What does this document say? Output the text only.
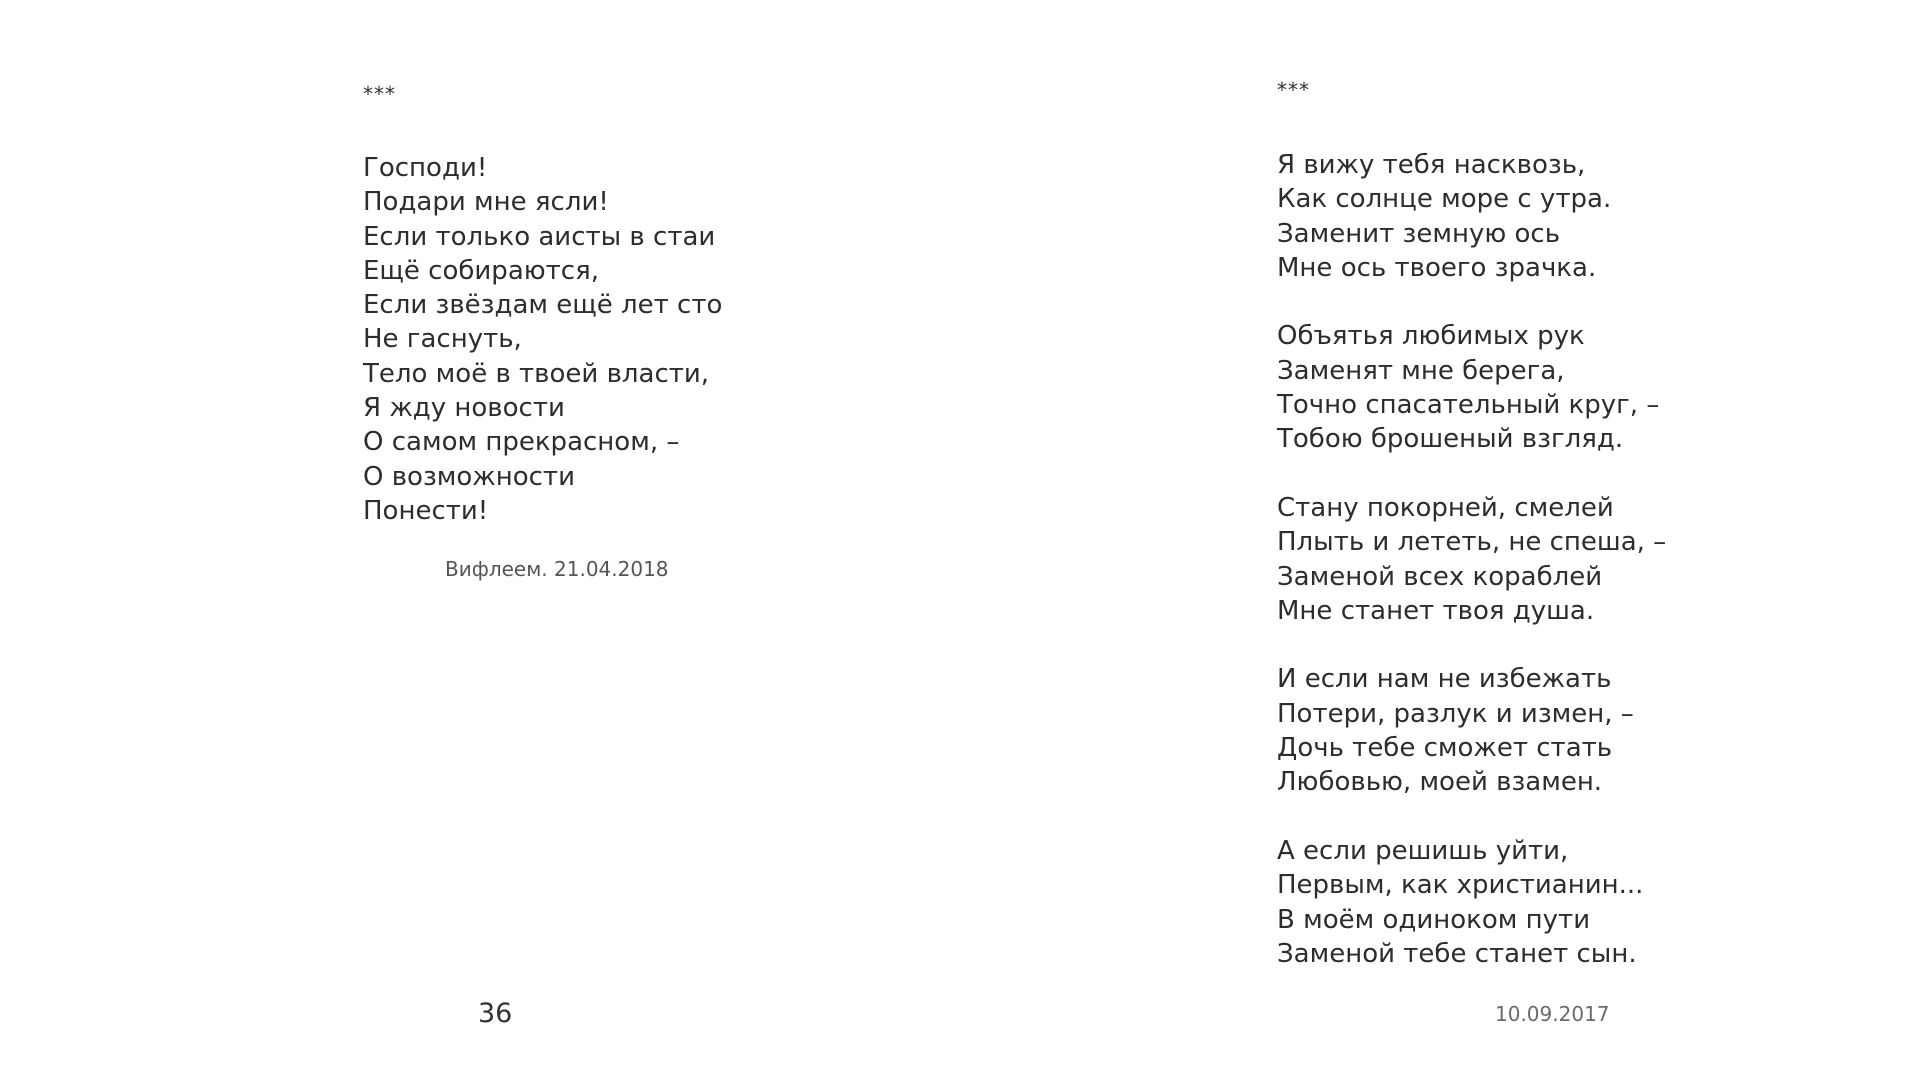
***
Господи!
Подари мне ясли!
Если только аисты в стаи
Ещё собираются,
Если звёздам ещё лет сто
Не гаснуть,
Тело моё в твоей власти,
Я жду новости
О самом прекрасном, –
О возможности
Понести!
Вифлеем. 21.04.2018
36
***
Я вижу тебя насквозь,
Как солнце море с утра.
Заменит земную ось
Мне ось твоего зрачка.
Объятья любимых рук
Заменят мне берега,
Точно спасательный круг, –
Тобою брошеный взгляд.
Стану покорней, смелей
Плыть и лететь, не спеша, –
Заменой всех кораблей
Мне станет твоя душа.
И если нам не избежать
Потери, разлук и измен, –
Дочь тебе сможет стать
Любовью, моей взамен.
А если решишь уйти,
Первым, как христианин...
В моём одиноком пути
Заменой тебе станет сын.
10.09.2017
